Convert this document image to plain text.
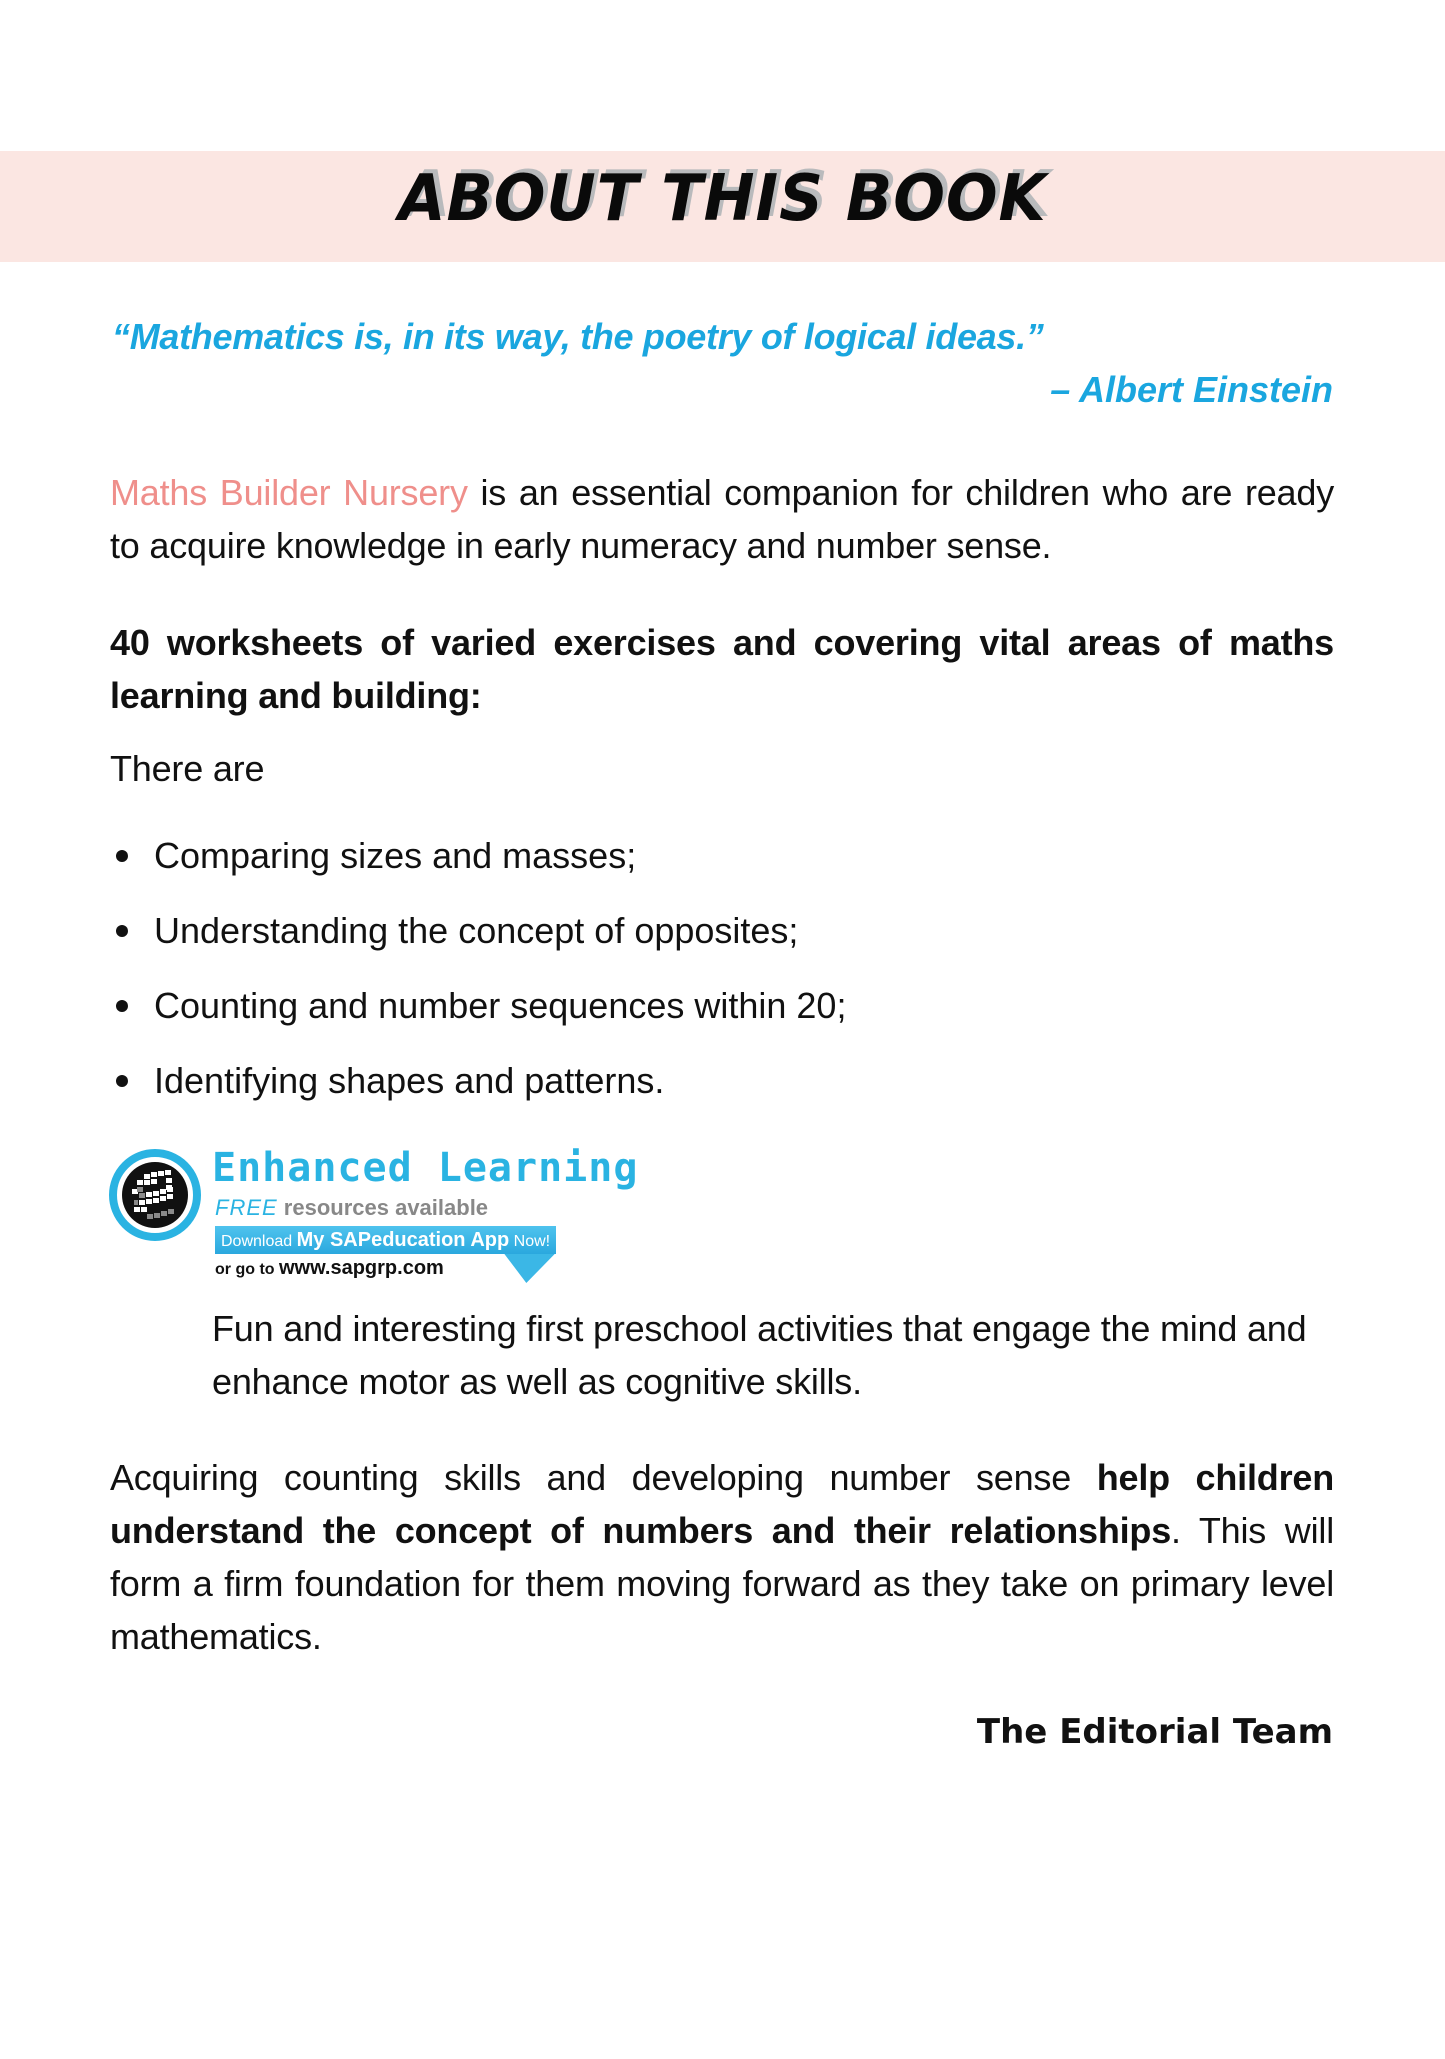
ABOUT THIS BOOK
“Mathematics is, in its way, the poetry of logical ideas.”
– Albert Einstein
Maths Builder Nursery is an essential companion for children who are ready to acquire knowledge in early numeracy and number sense.
40 worksheets of varied exercises and covering vital areas of maths learning and building:
There are
Comparing sizes and masses;
Understanding the concept of opposites;
Counting and number sequences within 20;
Identifying shapes and patterns.
Enhanced Learning
FREE resources available
Download My SAPeducation App Now!
or go to www.sapgrp.com
Fun and interesting first preschool activities that engage the mind and enhance motor as well as cognitive skills.
Acquiring counting skills and developing number sense help children understand the concept of numbers and their relationships. This will form a firm foundation for them moving forward as they take on primary level mathematics.
The Editorial Team
